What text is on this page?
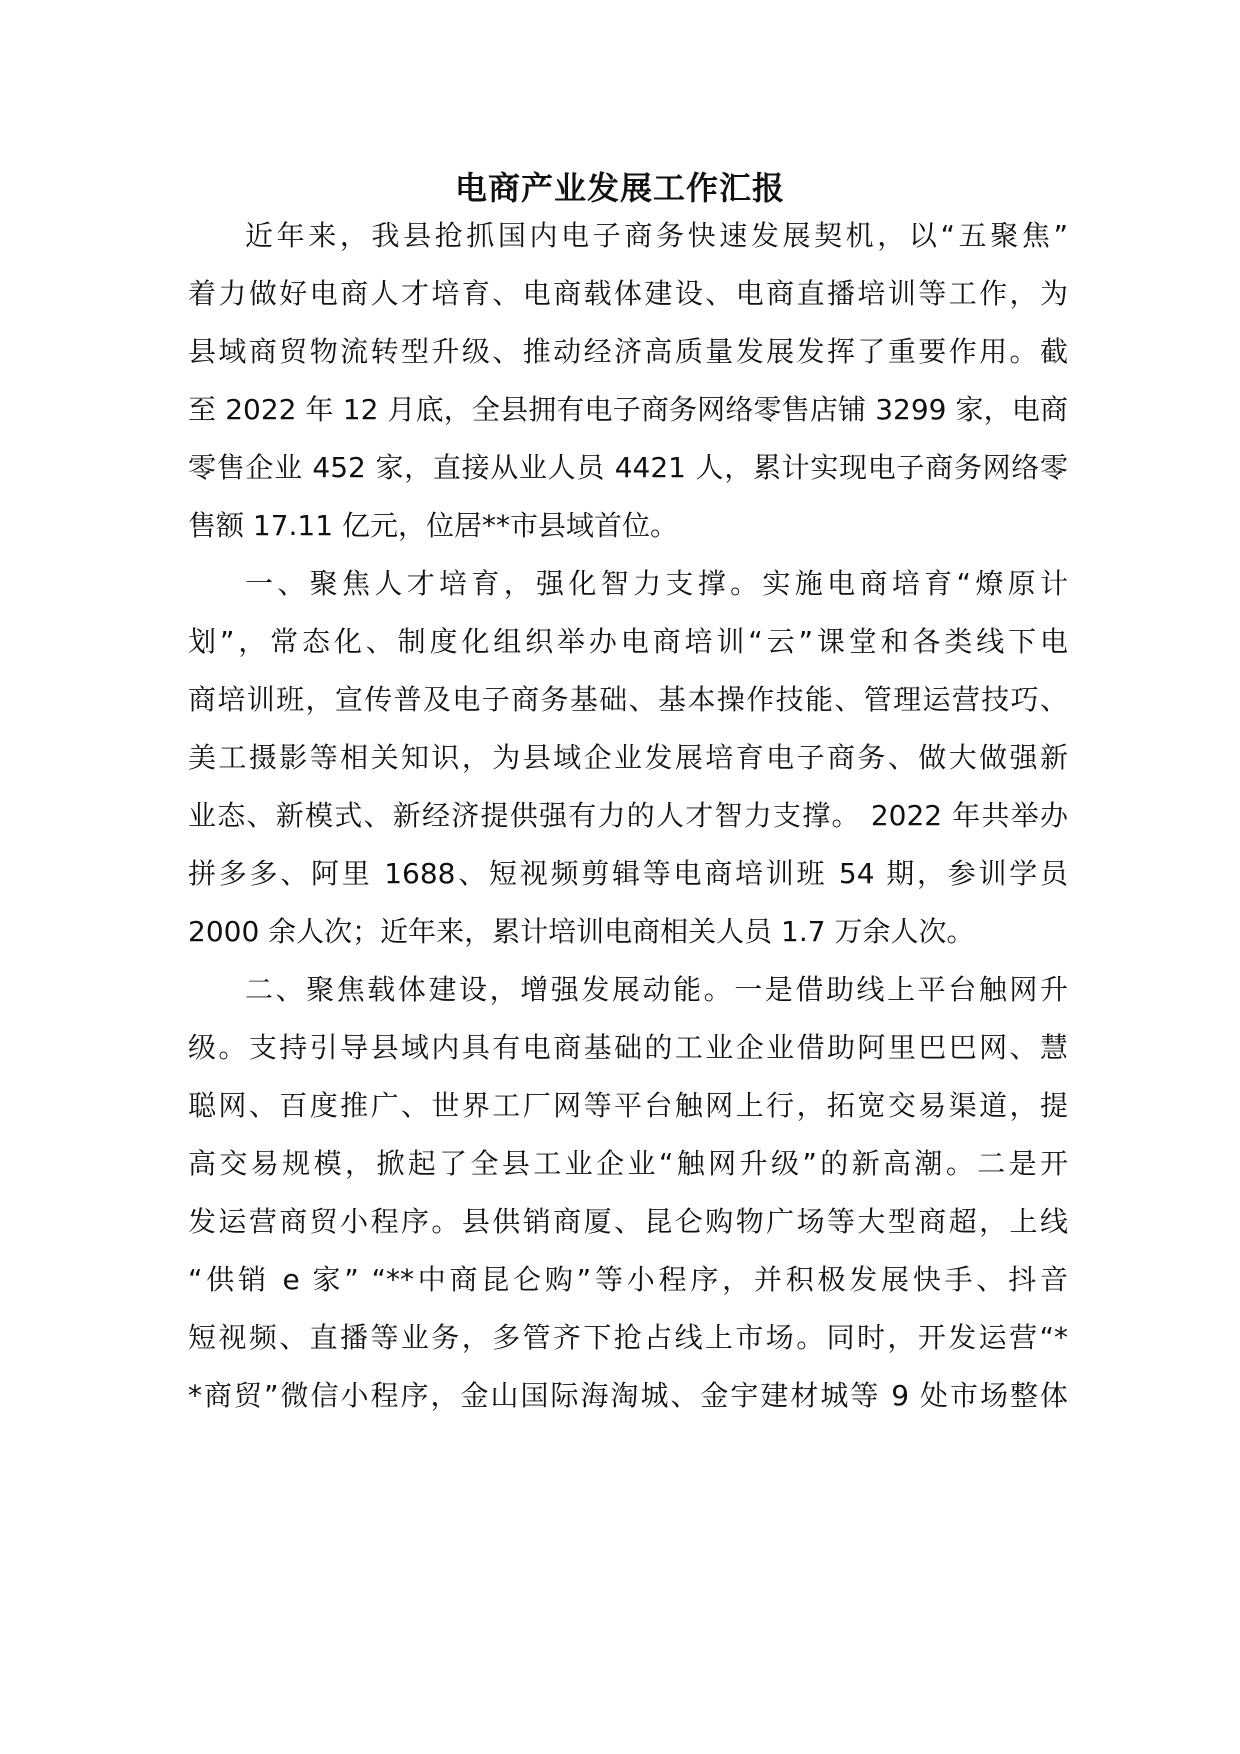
电商产业发展工作汇报
近年来，我县抢抓国内电子商务快速发展契机，以“五聚焦”
着力做好电商人才培育、电商载体建设、电商直播培训等工作，为
县域商贸物流转型升级、推动经济高质量发展发挥了重要作用。截
至 2022 年 12 月底，全县拥有电子商务网络零售店铺 3299 家，电商
零售企业 452 家，直接从业人员 4421 人，累计实现电子商务网络零
售额 17.11 亿元，位居**市县域首位。
一、聚焦人才培育，强化智力支撑。实施电商培育“燎原计
划”，常态化、制度化组织举办电商培训“云”课堂和各类线下电
商培训班，宣传普及电子商务基础、基本操作技能、管理运营技巧、
美工摄影等相关知识，为县域企业发展培育电子商务、做大做强新
业态、新模式、新经济提供强有力的人才智力支撑。 2022 年共举办
拼多多、阿里 1688、短视频剪辑等电商培训班 54 期，参训学员
2000 余人次；近年来，累计培训电商相关人员 1.7 万余人次。
二、聚焦载体建设，增强发展动能。一是借助线上平台触网升
级。支持引导县域内具有电商基础的工业企业借助阿里巴巴网、慧
聪网、百度推广、世界工厂网等平台触网上行，拓宽交易渠道，提
高交易规模，掀起了全县工业企业“触网升级”的新高潮。二是开
发运营商贸小程序。县供销商厦、昆仑购物广场等大型商超，上线
“供销 e 家” “**中商昆仑购”等小程序，并积极发展快手、抖音
短视频、直播等业务，多管齐下抢占线上市场。同时，开发运营“*
*商贸”微信小程序，金山国际海淘城、金宇建材城等 9 处市场整体
